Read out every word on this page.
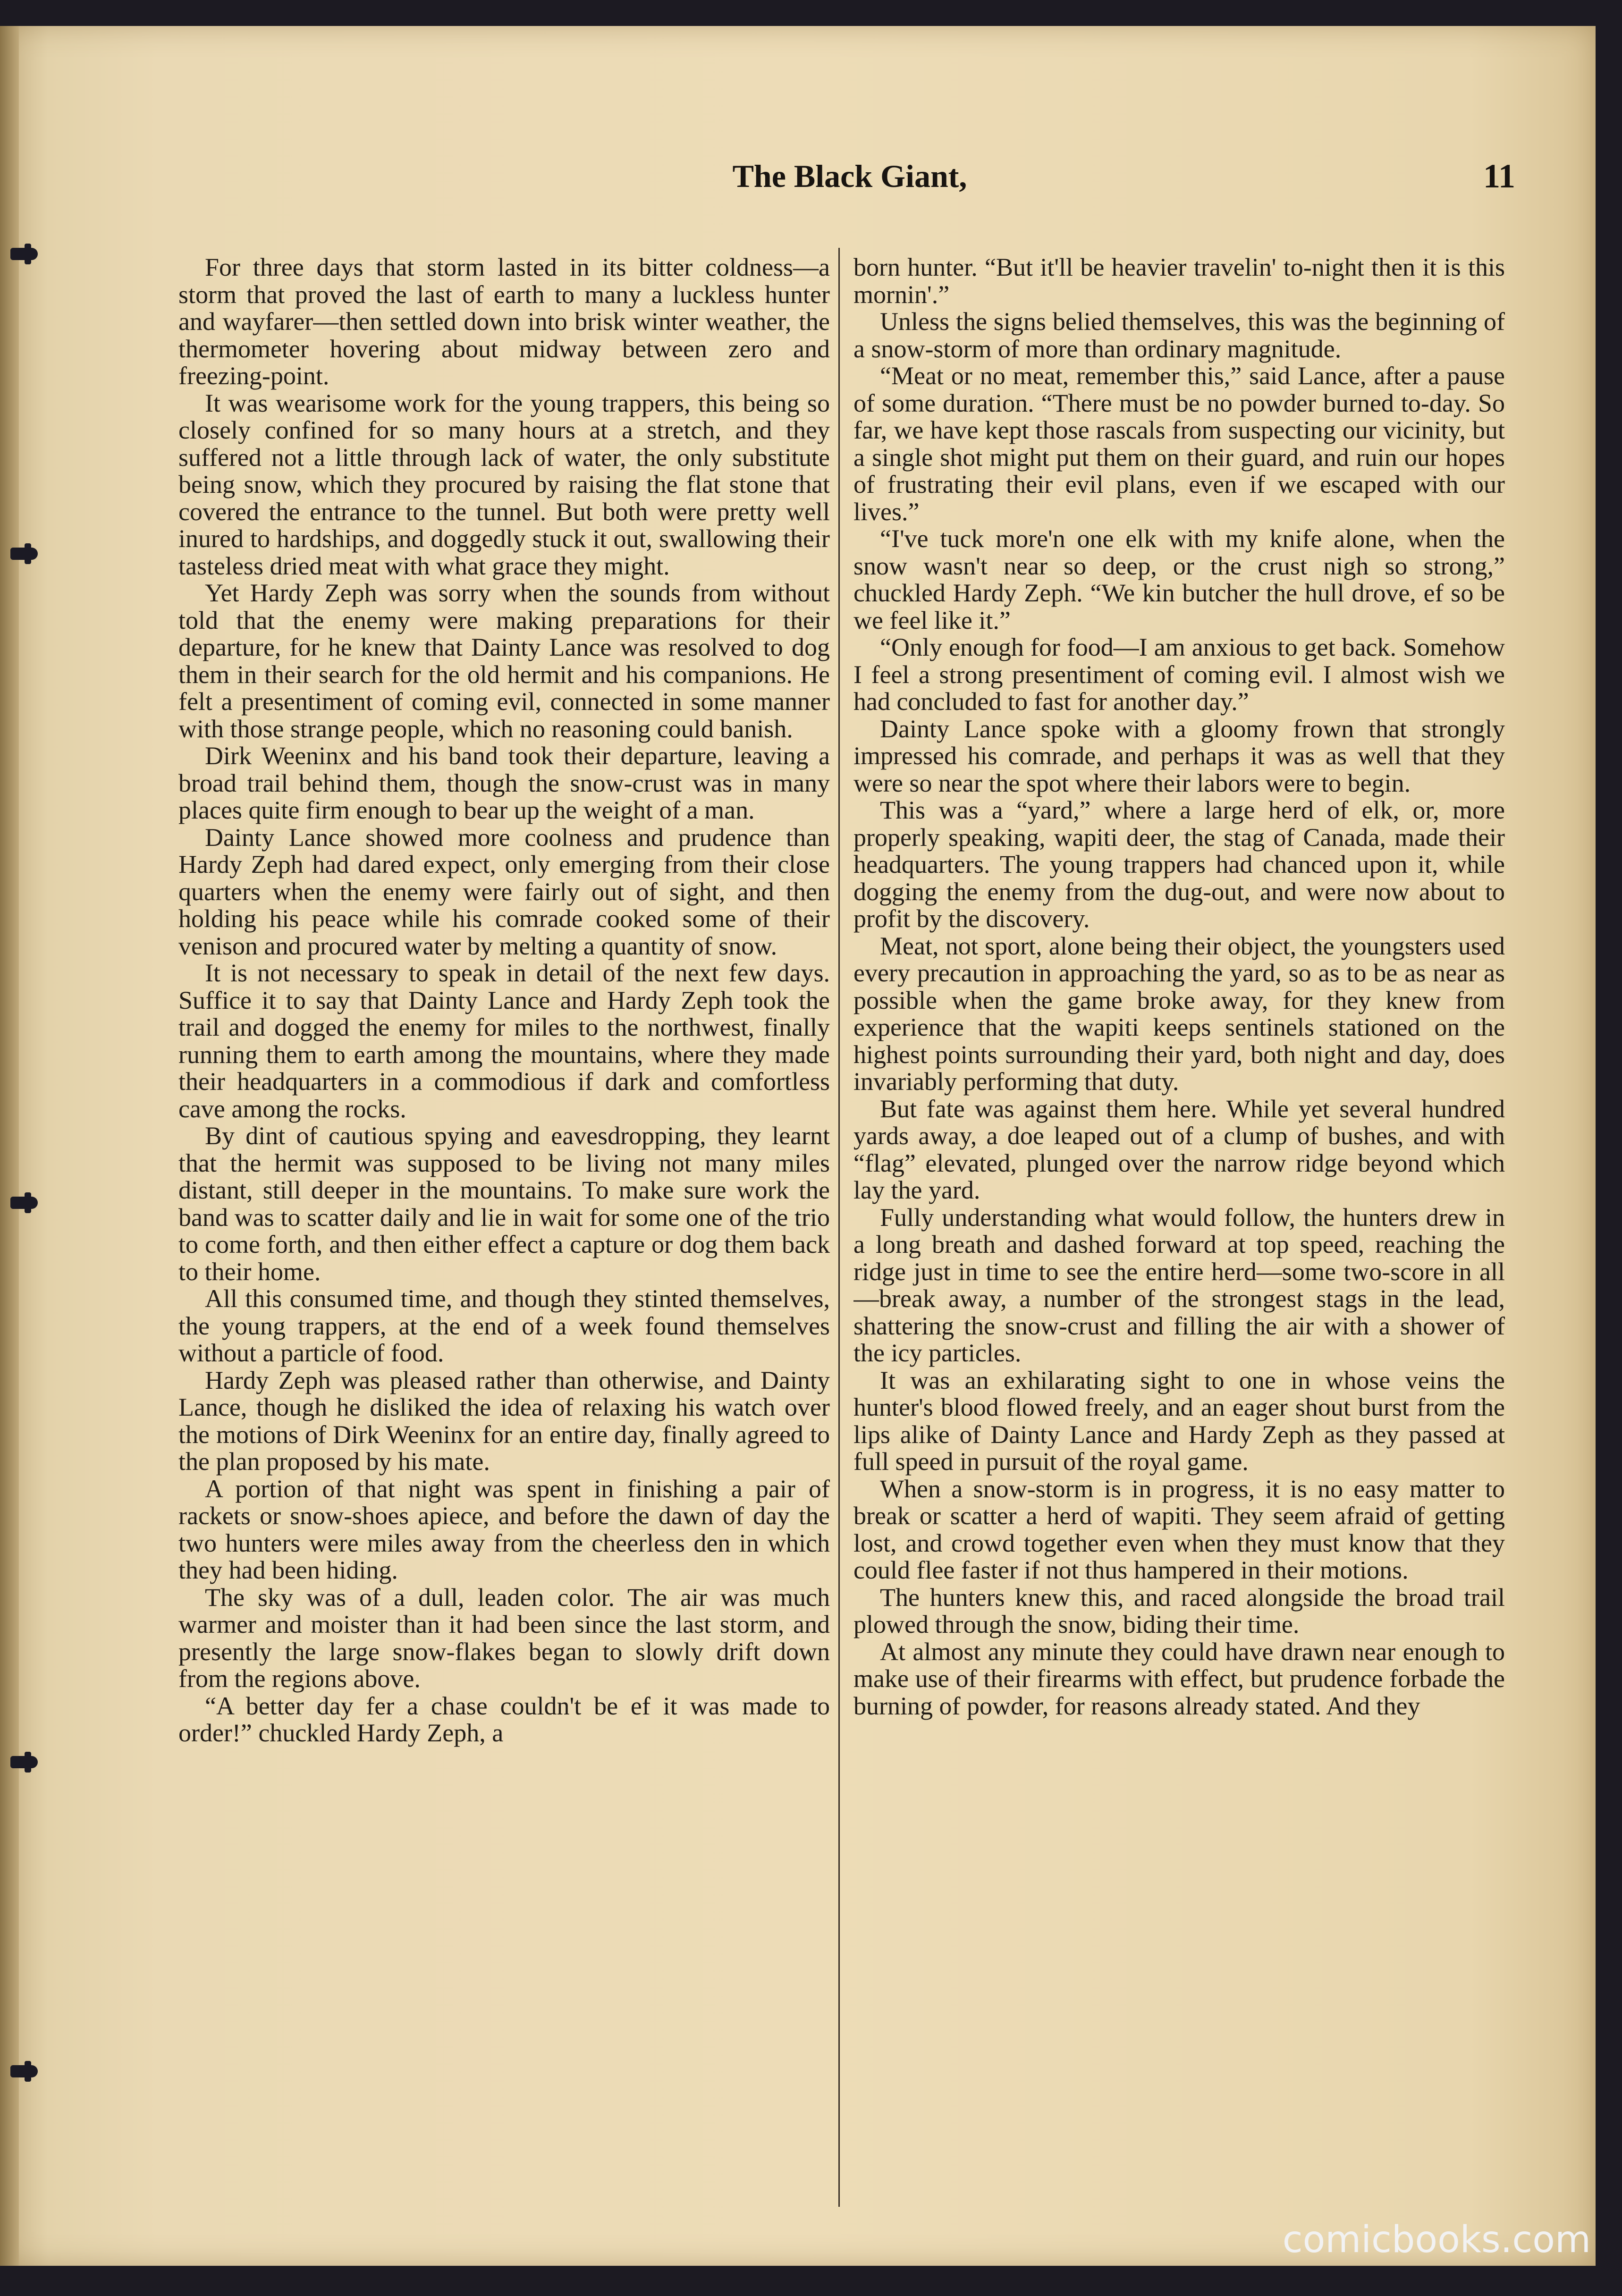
The Black Giant,	11

For three days that storm lasted in its bitter coldness—a storm that proved the last of earth to many a luckless hunter and wayfarer—then settled down into brisk winter weather, the thermometer hovering about midway between zero and freezing-point.

It was wearisome work for the young trappers, this being so closely confined for so many hours at a stretch, and they suffered not a little through lack of water, the only substitute being snow, which they procured by raising the flat stone that covered the entrance to the tunnel. But both were pretty well inured to hardships, and doggedly stuck it out, swallowing their tasteless dried meat with what grace they might.

Yet Hardy Zeph was sorry when the sounds from without told that the enemy were making preparations for their departure, for he knew that Dainty Lance was resolved to dog them in their search for the old hermit and his companions. He felt a presentiment of coming evil, connected in some manner with those strange people, which no reasoning could banish.

Dirk Weeninx and his band took their departure, leaving a broad trail behind them, though the snow-crust was in many places quite firm enough to bear up the weight of a man.

Dainty Lance showed more coolness and prudence than Hardy Zeph had dared expect, only emerging from their close quarters when the enemy were fairly out of sight, and then holding his peace while his comrade cooked some of their venison and procured water by melting a quantity of snow.

It is not necessary to speak in detail of the next few days. Suffice it to say that Dainty Lance and Hardy Zeph took the trail and dogged the enemy for miles to the northwest, finally running them to earth among the mountains, where they made their headquarters in a commodious if dark and comfortless cave among the rocks.

By dint of cautious spying and eavesdropping, they learnt that the hermit was supposed to be living not many miles distant, still deeper in the mountains. To make sure work the band was to scatter daily and lie in wait for some one of the trio to come forth, and then either effect a capture or dog them back to their home.

All this consumed time, and though they stinted themselves, the young trappers, at the end of a week found themselves without a particle of food.

Hardy Zeph was pleased rather than otherwise, and Dainty Lance, though he disliked the idea of relaxing his watch over the motions of Dirk Weeninx for an entire day, finally agreed to the plan proposed by his mate.

A portion of that night was spent in finishing a pair of rackets or snow-shoes apiece, and before the dawn of day the two hunters were miles away from the cheerless den in which they had been hiding.

The sky was of a dull, leaden color. The air was much warmer and moister than it had been since the last storm, and presently the large snow-flakes began to slowly drift down from the regions above.

“A better day fer a chase couldn't be ef it was made to order!” chuckled Hardy Zeph, a

born hunter. “But it'll be heavier travelin' to-night then it is this mornin'.”

Unless the signs belied themselves, this was the beginning of a snow-storm of more than ordinary magnitude.

“Meat or no meat, remember this,” said Lance, after a pause of some duration. “There must be no powder burned to-day. So far, we have kept those rascals from suspecting our vicinity, but a single shot might put them on their guard, and ruin our hopes of frustrating their evil plans, even if we escaped with our lives.”

“I've tuck more'n one elk with my knife alone, when the snow wasn't near so deep, or the crust nigh so strong,” chuckled Hardy Zeph. “We kin butcher the hull drove, ef so be we feel like it.”

“Only enough for food—I am anxious to get back. Somehow I feel a strong presentiment of coming evil. I almost wish we had concluded to fast for another day.”

Dainty Lance spoke with a gloomy frown that strongly impressed his comrade, and perhaps it was as well that they were so near the spot where their labors were to begin.

This was a “yard,” where a large herd of elk, or, more properly speaking, wapiti deer, the stag of Canada, made their headquarters. The young trappers had chanced upon it, while dogging the enemy from the dug-out, and were now about to profit by the discovery.

Meat, not sport, alone being their object, the youngsters used every precaution in approaching the yard, so as to be as near as possible when the game broke away, for they knew from experience that the wapiti keeps sentinels stationed on the highest points surrounding their yard, both night and day, does invariably performing that duty.

But fate was against them here. While yet several hundred yards away, a doe leaped out of a clump of bushes, and with “flag” elevated, plunged over the narrow ridge beyond which lay the yard.

Fully understanding what would follow, the hunters drew in a long breath and dashed forward at top speed, reaching the ridge just in time to see the entire herd—some two-score in all—break away, a number of the strongest stags in the lead, shattering the snow-crust and filling the air with a shower of the icy particles.

It was an exhilarating sight to one in whose veins the hunter's blood flowed freely, and an eager shout burst from the lips alike of Dainty Lance and Hardy Zeph as they passed at full speed in pursuit of the royal game.

When a snow-storm is in progress, it is no easy matter to break or scatter a herd of wapiti. They seem afraid of getting lost, and crowd together even when they must know that they could flee faster if not thus hampered in their motions.

The hunters knew this, and raced alongside the broad trail plowed through the snow, biding their time.

At almost any minute they could have drawn near enough to make use of their firearms with effect, but prudence forbade the burning of powder, for reasons already stated. And they

comicbooks.com
